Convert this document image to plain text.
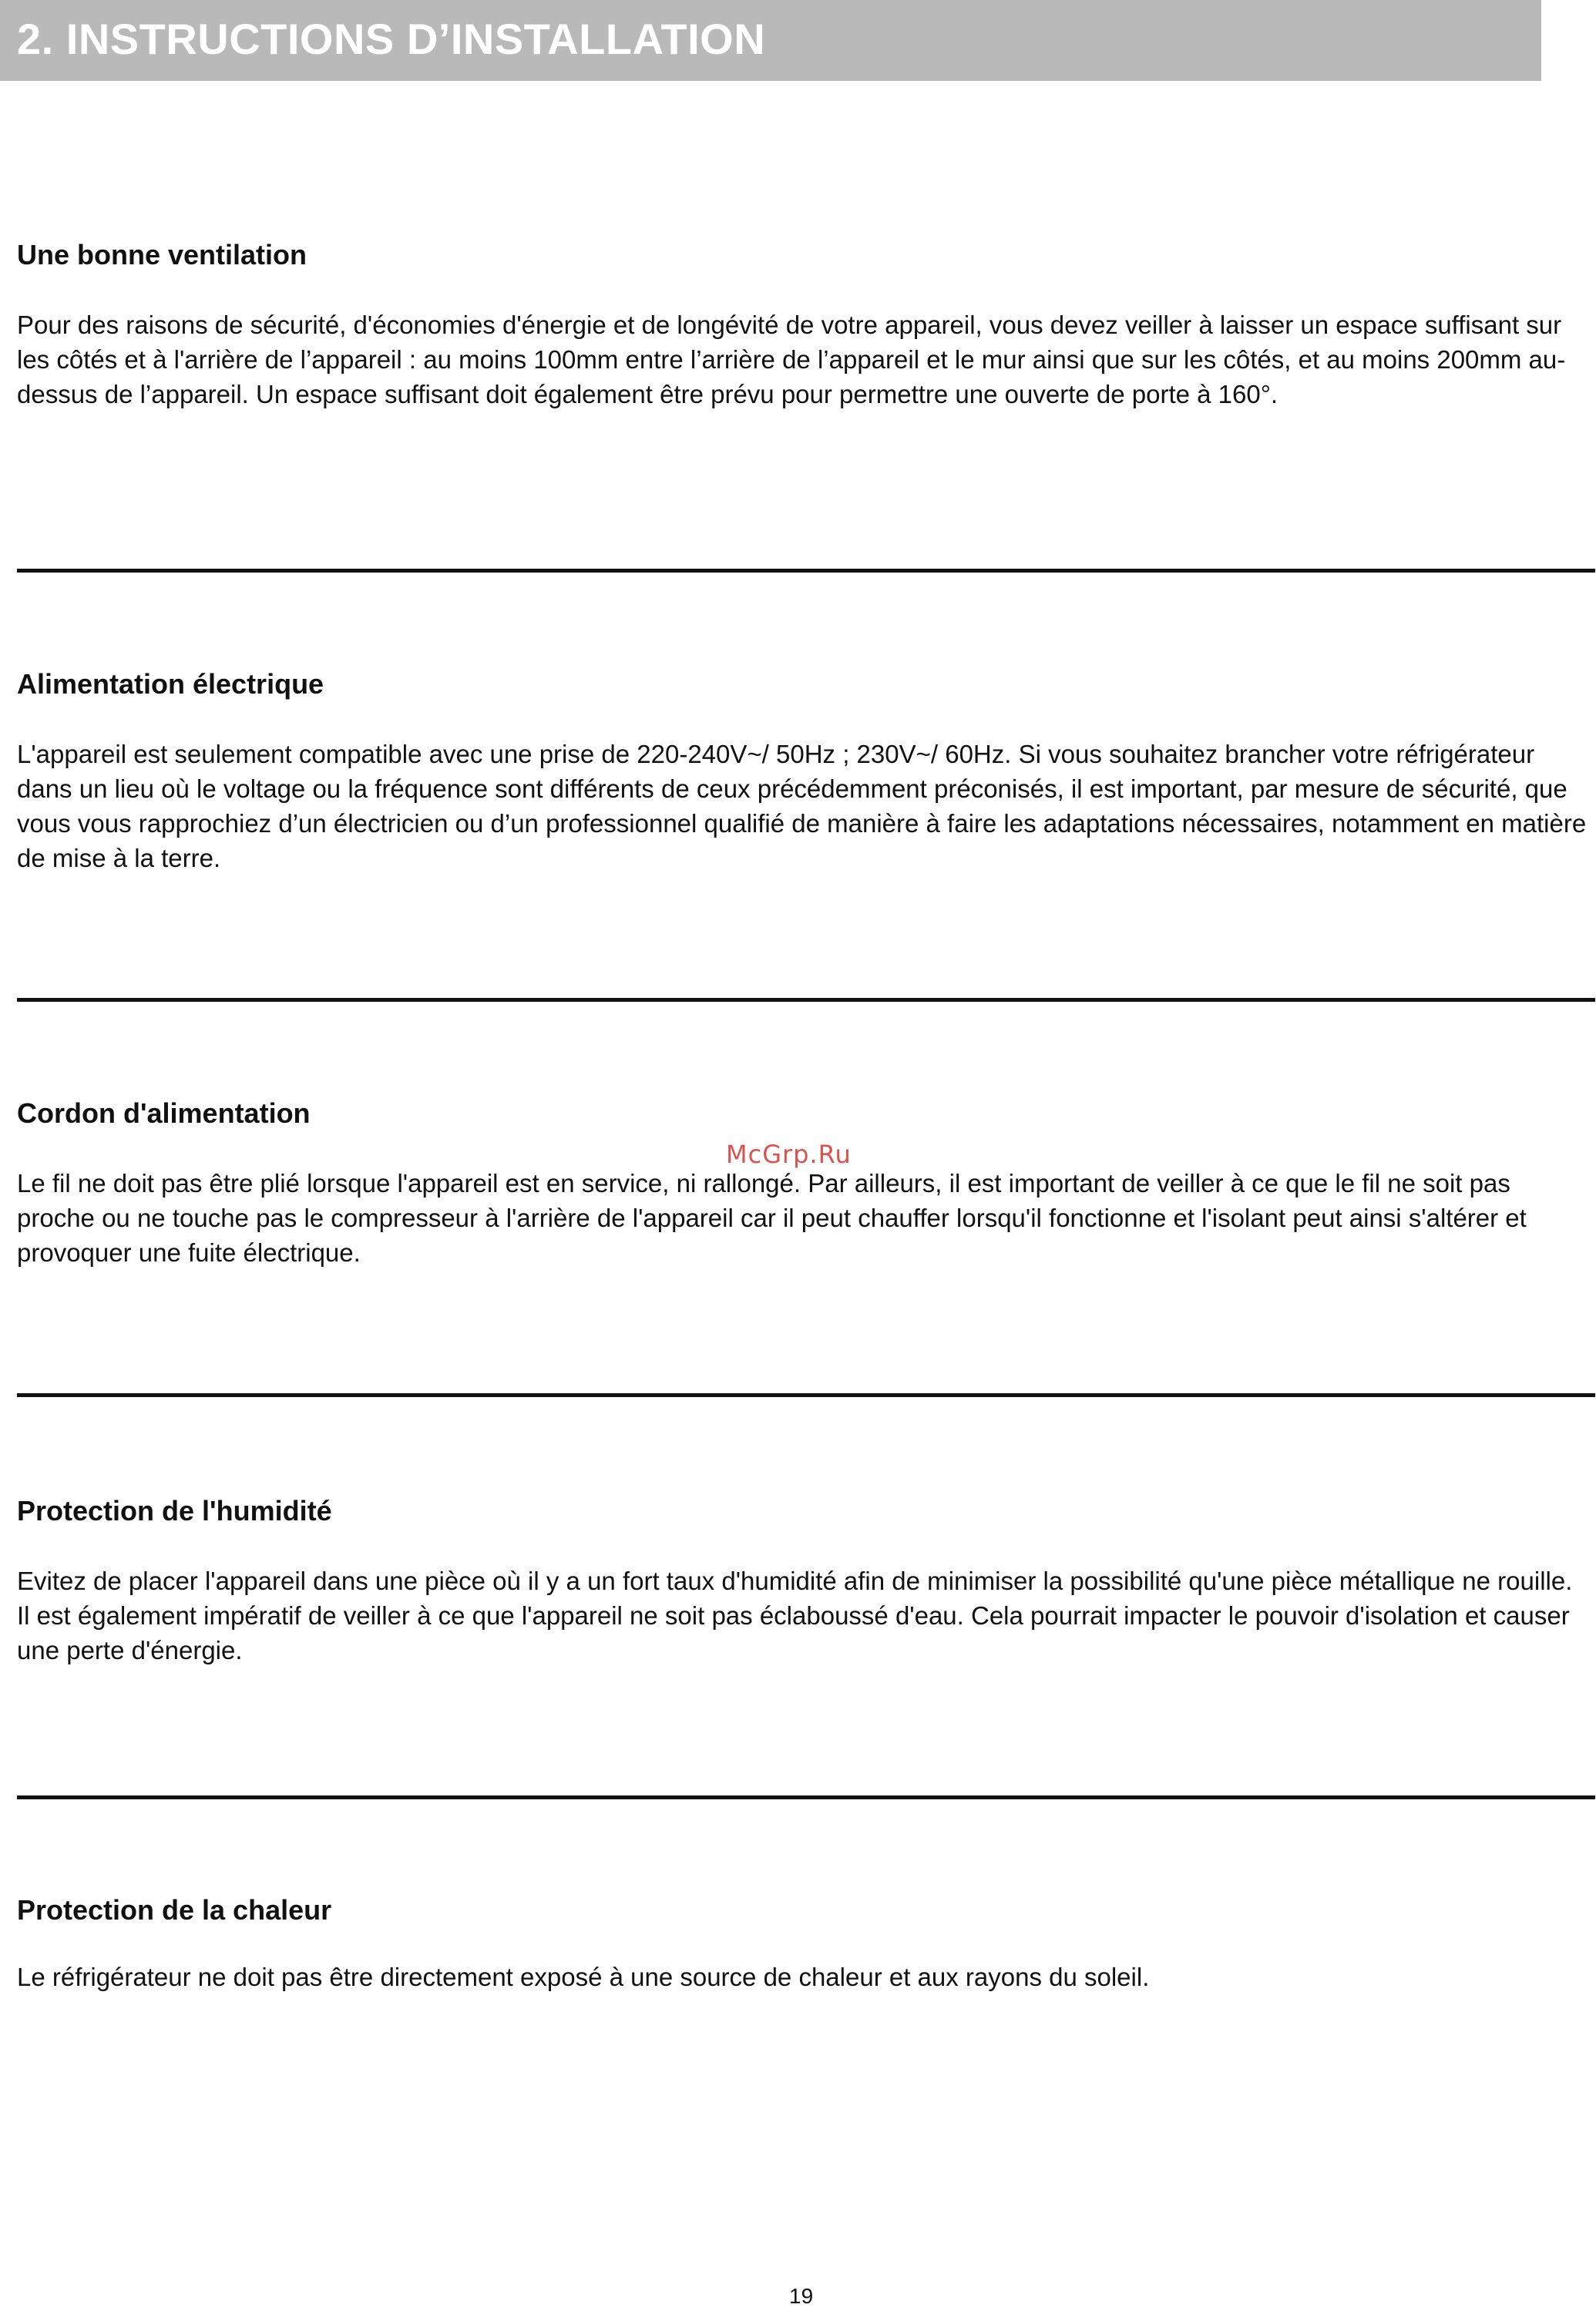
2. INSTRUCTIONS D’INSTALLATION
Une bonne ventilation
Pour des raisons de sécurité, d'économies d'énergie et de longévité de votre appareil, vous devez veiller à laisser un espace suffisant sur les côtés et à l'arrière de l’appareil : au moins 100mm entre l’arrière de l’appareil et le mur ainsi que sur les côtés, et au moins 200mm au-dessus de l’appareil. Un espace suffisant doit également être prévu pour permettre une ouverte de porte à 160°.
Alimentation électrique
L'appareil est seulement compatible avec une prise de 220-240V~/ 50Hz ; 230V~/ 60Hz. Si vous souhaitez brancher votre réfrigérateur dans un lieu où le voltage ou la fréquence sont différents de ceux précédemment préconisés, il est important, par mesure de sécurité, que vous vous rapprochiez d’un électricien ou d’un professionnel qualifié de manière à faire les adaptations nécessaires, notamment en matière de mise à la terre.
Cordon d'alimentation
McGrp.Ru
Le fil ne doit pas être plié lorsque l'appareil est en service, ni rallongé. Par ailleurs, il est important de veiller à ce que le fil ne soit pas proche ou ne touche pas le compresseur à l'arrière de l'appareil car il peut chauffer lorsqu'il fonctionne et l'isolant peut ainsi s'altérer et provoquer une fuite électrique.
Protection de l'humidité
Evitez de placer l'appareil dans une pièce où il y a un fort taux d'humidité afin de minimiser la possibilité qu'une pièce métallique ne rouille. Il est également impératif de veiller à ce que l'appareil ne soit pas éclaboussé d'eau. Cela pourrait impacter le pouvoir d'isolation et causer une perte d'énergie.
Protection de la chaleur
Le réfrigérateur ne doit pas être directement exposé à une source de chaleur et aux rayons du soleil.
19
